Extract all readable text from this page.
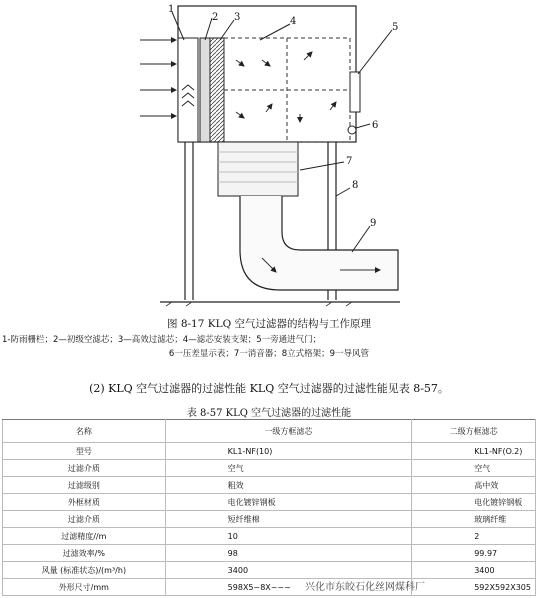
1
2 3	4
5
6
7
8
9
图 8-17 KLQ 空气过滤器的结构与工作原理
1-防雨栅栏；2—初级空滤芯；3—高效过滤芯；4—滤芯安装支架；5一旁通进气门；
6一压差显示表；7一消音器；8立式格架；9一导风管
(2) KLQ 空气过滤器的过滤性能 KLQ 空气过滤器的过滤性能见表 8-57。
表 8-57 KLQ 空气过滤器的过滤性能
名称	一级方框滤芯	二级方框滤芯
型号	KL1-NF(10)	KL1-NF(O.2)
过滤介质	空气	空气
过滤级别	粗效	高中效
外框材质	电化镀锌钢板	电化镀锌钢板
过滤介质	短纤维棉	玻璃纤维
过滤精度//m	10	2
过滤效率/%	98	99.97
风量 (标准状态)/(m³/h)	3400	3400
外形尺寸/mm	598X5~8X~~~	592X592X305
兴化市东皎石化丝网煤科厂
